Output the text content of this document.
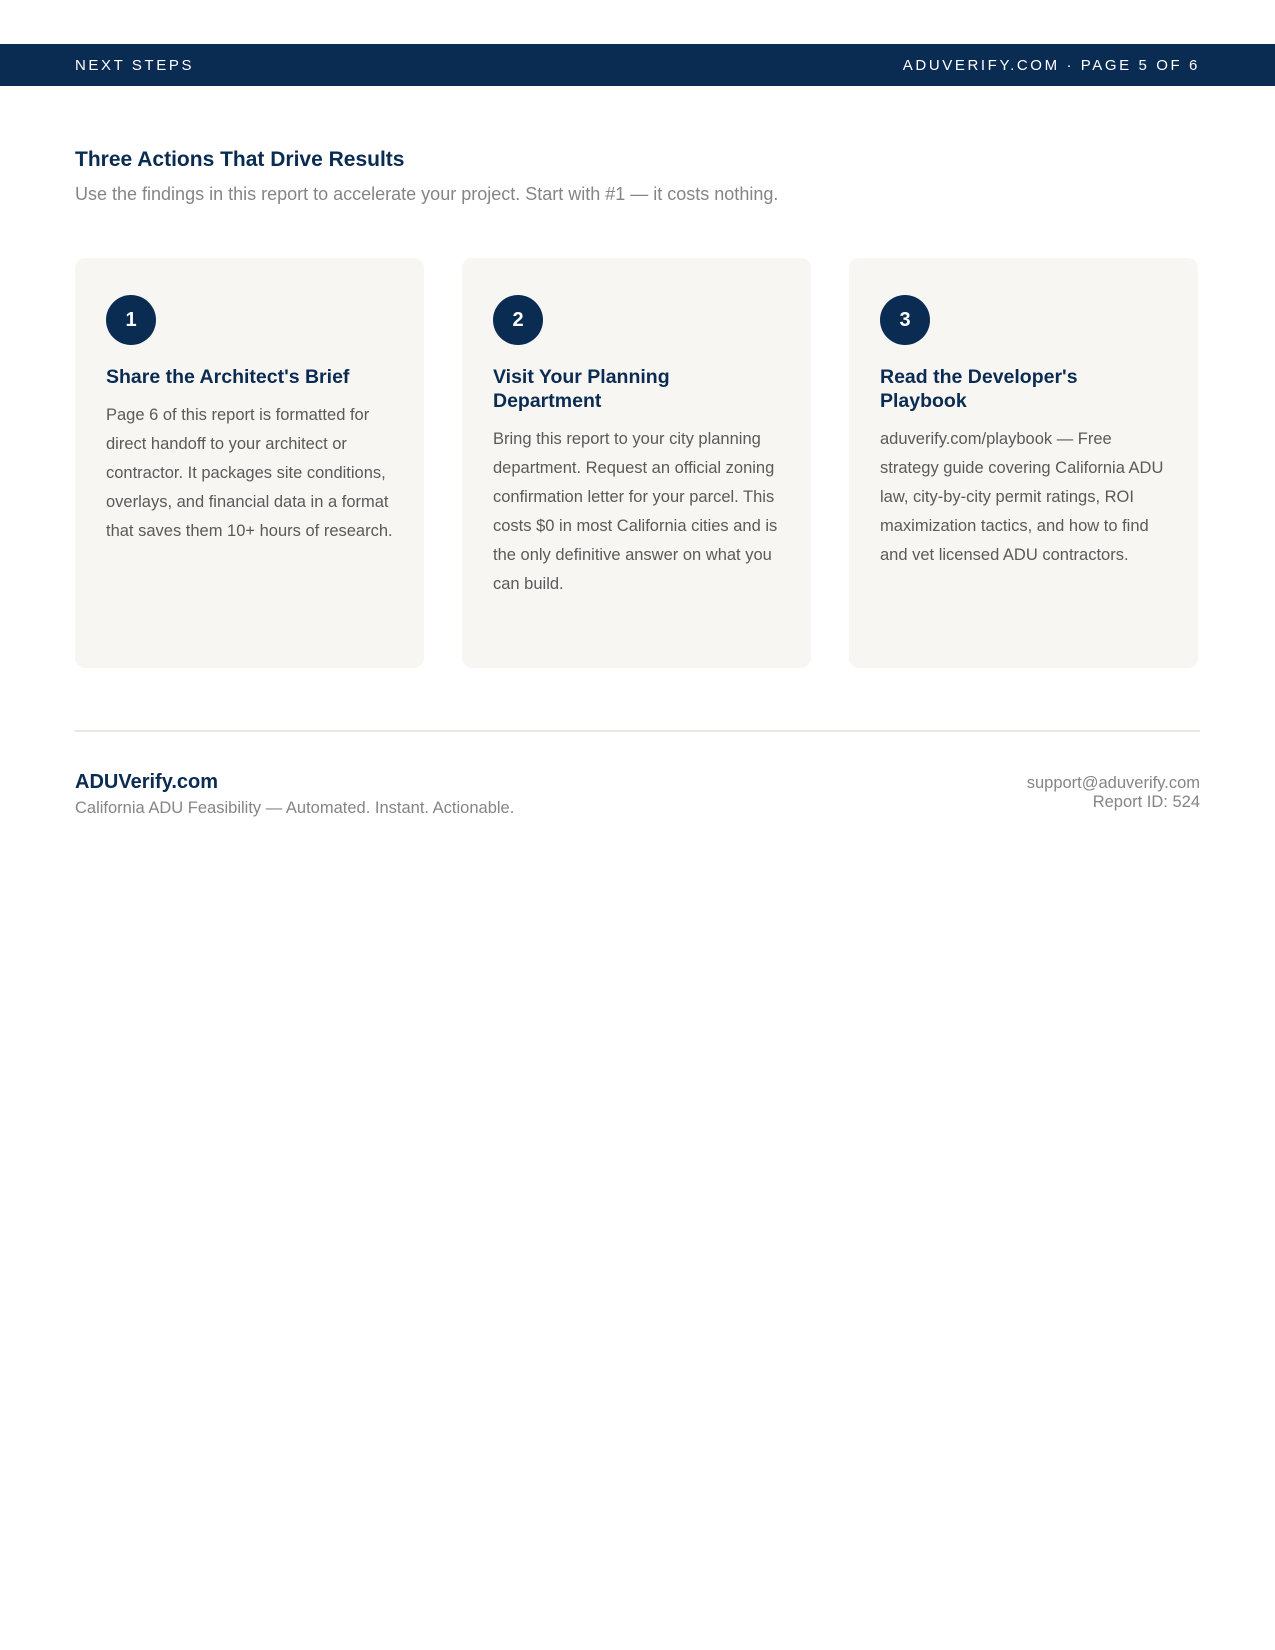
NEXT STEPS	ADUVERIFY.COM · PAGE 5 OF 6
Three Actions That Drive Results

Use the findings in this report to accelerate your project. Start with #1 — it costs nothing.

1
Share the Architect's Brief

Page 6 of this report is formatted for direct handoff to your architect or contractor. It packages site conditions, overlays, and financial data in a format that saves them 10+ hours of research.

2
Visit Your Planning Department

Bring this report to your city planning department. Request an official zoning confirmation letter for your parcel. This costs $0 in most California cities and is the only definitive answer on what you can build.

3
Read the Developer's Playbook

aduverify.com/playbook — Free strategy guide covering California ADU law, city-by-city permit ratings, ROI maximization tactics, and how to find and vet licensed ADU contractors.

ADUVerify.com
California ADU Feasibility — Automated. Instant. Actionable.
support@aduverify.com
Report ID: 524
